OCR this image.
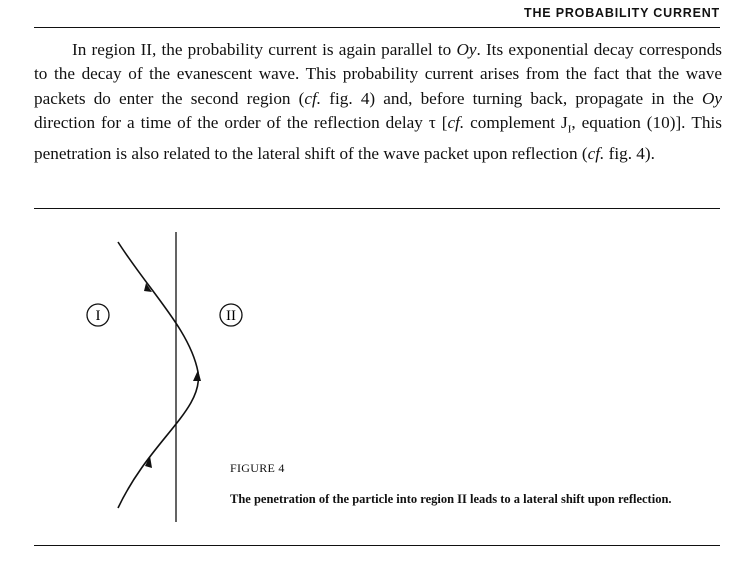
THE PROBABILITY CURRENT

In region II, the probability current is again parallel to Oy. Its exponential decay corresponds to the decay of the evanescent wave. This probability current arises from the fact that the wave packets do enter the second region (cf. fig. 4) and, before turning back, propagate in the Oy direction for a time of the order of the reflection delay τ [cf. complement $J_I$, equation (10)]. This penetration is also related to the lateral shift of the wave packet upon reflection (cf. fig. 4).

I	II
FIGURE 4

The penetration of the particle into region II leads to a lateral shift upon reflection.
